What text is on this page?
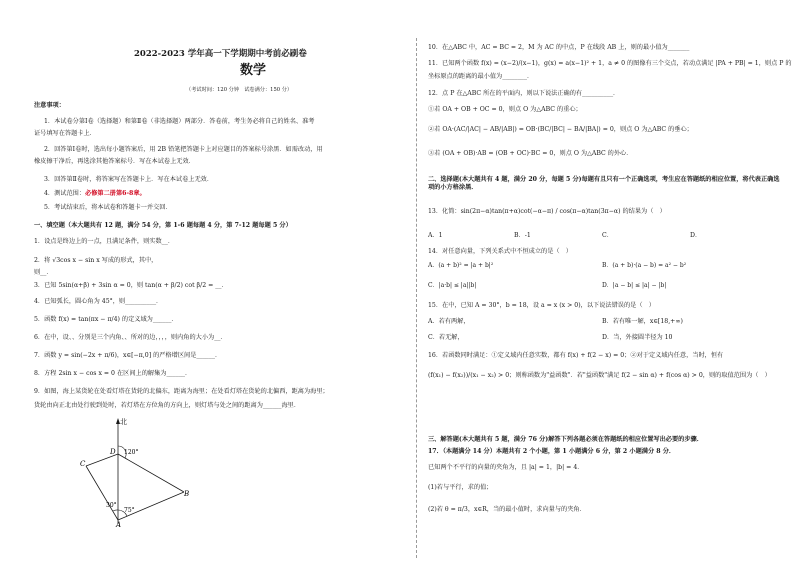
2022-2023 学年高一下学期期中考前必刷卷
数学
（考试时间：120 分钟　试卷满分：150 分）
注意事项：
1．本试卷分第Ⅰ卷（选择题）和第Ⅱ卷（非选择题）两部分．答卷前，考生务必将自己的姓名、准考
证号填写在答题卡上．
2．回答第Ⅰ卷时，选出每小题答案后，用 2B 铅笔把答题卡上对应题目的答案标号涂黑．如需改动，用
橡皮擦干净后，再选涂其他答案标号．写在本试卷上无效．
3．回答第Ⅱ卷时，将答案写在答题卡上．写在本试卷上无效．
4．测试范围：必修第二册第6-8章。
5．考试结束后，将本试卷和答题卡一并交回．
一、填空题（本大题共有 12 题，满分 54 分，第 1-6 题每题 4 分，第 7-12 题每题 5 分）
1．设点是终边上的一点，且满足条件，则实数__．
2．将 √3cos x − sin x 写成的形式，其中，
则__．
3．已知 5sin(α+β) + 3sin α = 0，则 tan(α + β/2) cot β/2 = __．
4．已知弧长，圆心角为 45°，则__________．
5．函数 f(x) = tan(πx − π/4) 的定义域为______．
6．在中，设、、分别是三个内角、、所对的边，，，，则内角的大小为__．
7．函数 y = sin(−2x + π/6)，x∈[−π,0] 的严格增区间是______．
8．方程 2sin x − cos x = 0 在区间上的解集为______．
9．如图，海上某货轮在处看灯塔在货轮的北偏东，距离为海里；在处看灯塔在货轮的北偏西，距离为海里；
货轮由向正北由处行驶到处时，若灯塔在方位角的方向上，则灯塔与处之间的距离为______海里．
北
D
C
B
A
120°
30°
75°
10．在△ABC 中，AC = BC = 2，M 为 AC 的中点，P 在线段 AB 上，则的最小值为_______
11．已知两个函数 f(x) = (x−2)/(x−1)，g(x) = a(x−1)² + 1，a ≠ 0 的图像有三个交点，若动点满足 |PA + PB| = 1，则点 P 的
坐标原点的距离的最小值为________．
12．点 P 在△ABC 所在的平面内，则以下说法正确的有__________．
①若 OA + OB + OC = 0，则点 O 为△ABC 的重心；
②若 OA·(AC/|AC| − AB/|AB|) = OB·(BC/|BC| − BA/|BA|) = 0，则点 O 为△ABC 的垂心；
③若 (OA + OB)·AB = (OB + OC)·BC = 0，则点 O 为△ABC 的外心．
二、选择题(本大题共有 4 题，满分 20 分，每题 5 分)每题有且只有一个正确选项，考生应在答题纸的相应位置，将代表正确选项的小方格涂黑．
13．化简：sin(2π−α)tan(π+α)cot(−α−π) / cos(π−α)tan(3π−α) 的结果为（　）
A．1	B．-1	C．	D．
14．对任意向量，下列关系式中不恒成立的是（　）
A．(a + b)² = |a + b|²	B．(a + b)·(a − b) = a² − b²
C．|a·b| ≤ |a||b|	D．|a − b| ≤ |a| − |b|
15．在中，已知 A = 30°，b = 18，设 a = x (x > 0)，以下说法错误的是（　）
A．若有两解，	B．若有唯一解，x∈[18,+∞)
C．若无解，	D．当，外接圆半径为 10
16．若函数同时满足：①定义域内任意实数，都有 f(x) + f(2 − x) = 0；②对于定义域内任意，当时，恒有
(f(x₁) − f(x₂))/(x₁ − x₂) > 0；则称函数为"益函数"．若"益函数"满足 f(2 − sin α) + f(cos α) > 0，则的取值范围为（　）
三、解答题(本大题共有 5 题，满分 76 分)解答下列各题必须在答题纸的相应位置写出必要的步骤．
17．（本题满分 14 分）本题共有 2 个小题，第 1 小题满分 6 分，第 2 小题满分 8 分．
已知两个不平行的向量的夹角为，且 |a| = 1，|b| = 4．
(1)若与平行，求的值；
(2)若 θ = π/3，x∈R，当的最小值时，求向量与的夹角．
